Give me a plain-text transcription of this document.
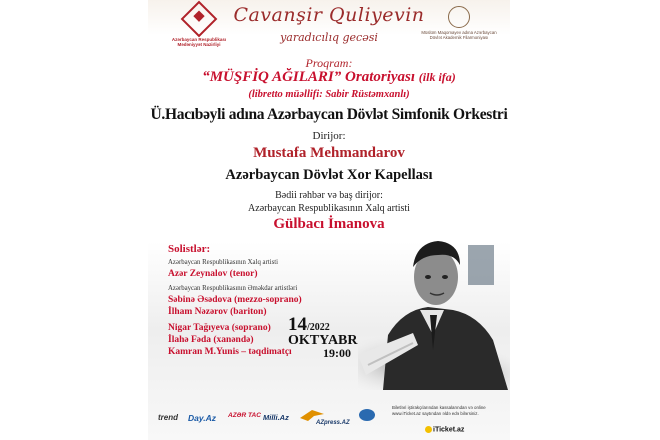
Azərbaycan Respublikası Mədəniyyət Nazirliyi
Müslüm Maqomayev adına Azərbaycan Dövlət Akademik Filarmoniyası
Cavanşir Quliyevin
yaradıcılıq gecəsi
Proqram:
“MÜŞFİQ AĞILARI” Oratoriyası (ilk ifa)
(librettо müəllifi: Sabir Rüstəmxanlı)
Ü.Hacıbəyli adına Azərbaycan Dövlət Simfonik Orkestri
Dirijor:
Mustafa Mehmandarov
Azərbaycan Dövlət Xor Kapellası
Bədii rəhbər və baş dirijor:
Azərbaycan Respublikasının Xalq artisti
Gülbacı İmanova
Solistlər:
Azərbaycan Respublikasının Xalq artisti
Azər Zeynalov (tenor)
Azərbaycan Respublikasının Əməkdar artistləri
Səbinə Əsədova (mezzo-soprano)
İlham Nəzərov (bariton)
Nigar Tağıyeva (soprano)
İlahə Fəda (xanəndə)
Kamran M.Yunis – təqdimatçı
14/2022
OKTYABR
19:00
trend Day.Az AZƏR TAC Milli.Az
AZpress.AZ
Biletləri iştirakçılarından kassalarından və online www.iTicket.az saytından əldə edə bilərsiniz.
iTicket.az
